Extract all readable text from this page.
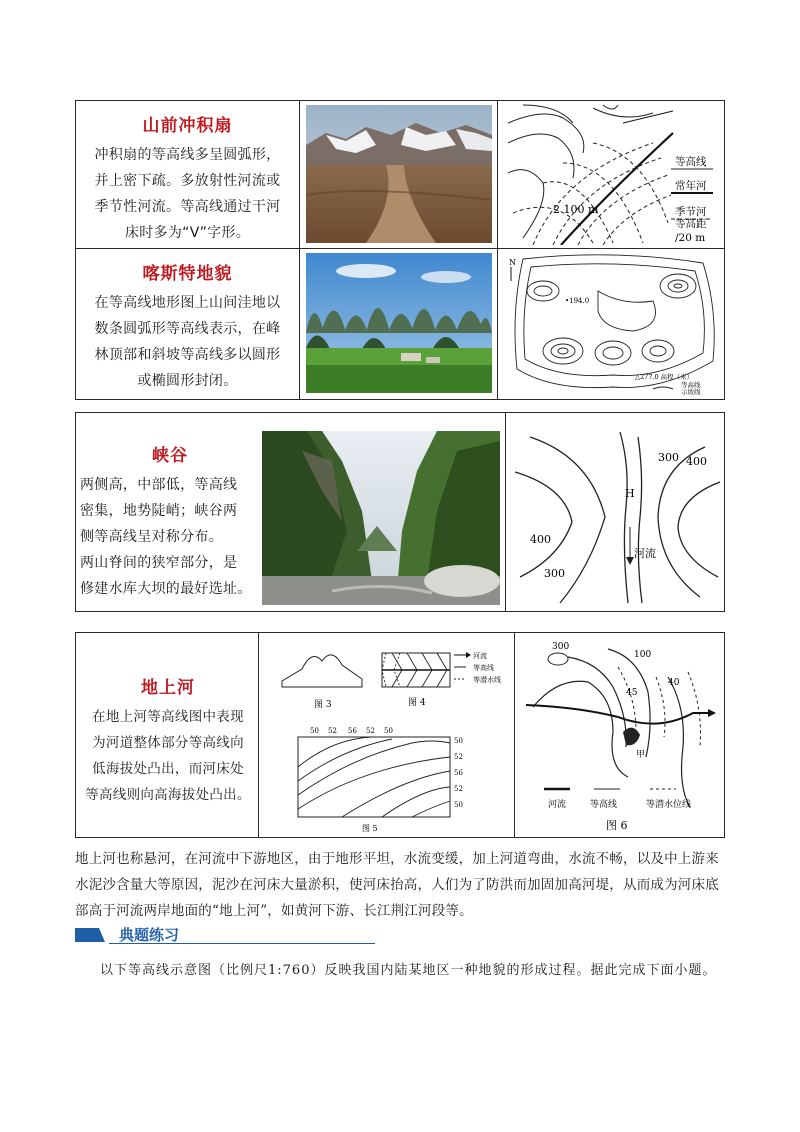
山前冲积扇
冲积扇的等高线多呈圆弧形，
并上密下疏。多放射性河流或
季节性河流。等高线通过干河
床时多为“V”字形。
2 100 m
等高线
常年河
季节河
等高距
/20 m
喀斯特地貌
在等高线地形图上山间洼地以
数条圆弧形等高线表示，在峰
林顶部和斜坡等高线多以圆形
或椭圆形封闭。
N
•194.0
△277.0 高程（米）
等高线
示坡线
峡谷
两侧高，中部低，等高线
密集，地势陡峭；峡谷两
侧等高线呈对称分布。
两山脊间的狭窄部分，是
修建水库大坝的最好选址。
H
河流
400
300
300 400
地上河
在地上河等高线图中表现
为河道整体部分等高线向
低海拔处凸出，而河床处
等高线则向高海拔处凸出。
图 3
河流
等高线
等潜水线
图 4
50 52 56 52 50
50
52
56
52
50
图 5
300
100
45
40
甲
河流	等高线	等潜水位线
图 6
地上河也称悬河，在河流中下游地区，由于地形平坦，水流变缓，加上河道弯曲，水流不畅，以及中上游来水泥沙含量大等原因，泥沙在河床大量淤积，使河床抬高，人们为了防洪而加固加高河堤，从而成为河床底部高于河流两岸地面的“地上河”，如黄河下游、长江荆江河段等。
典题练习
以下等高线示意图（比例尺1:760）反映我国内陆某地区一种地貌的形成过程。据此完成下面小题。
